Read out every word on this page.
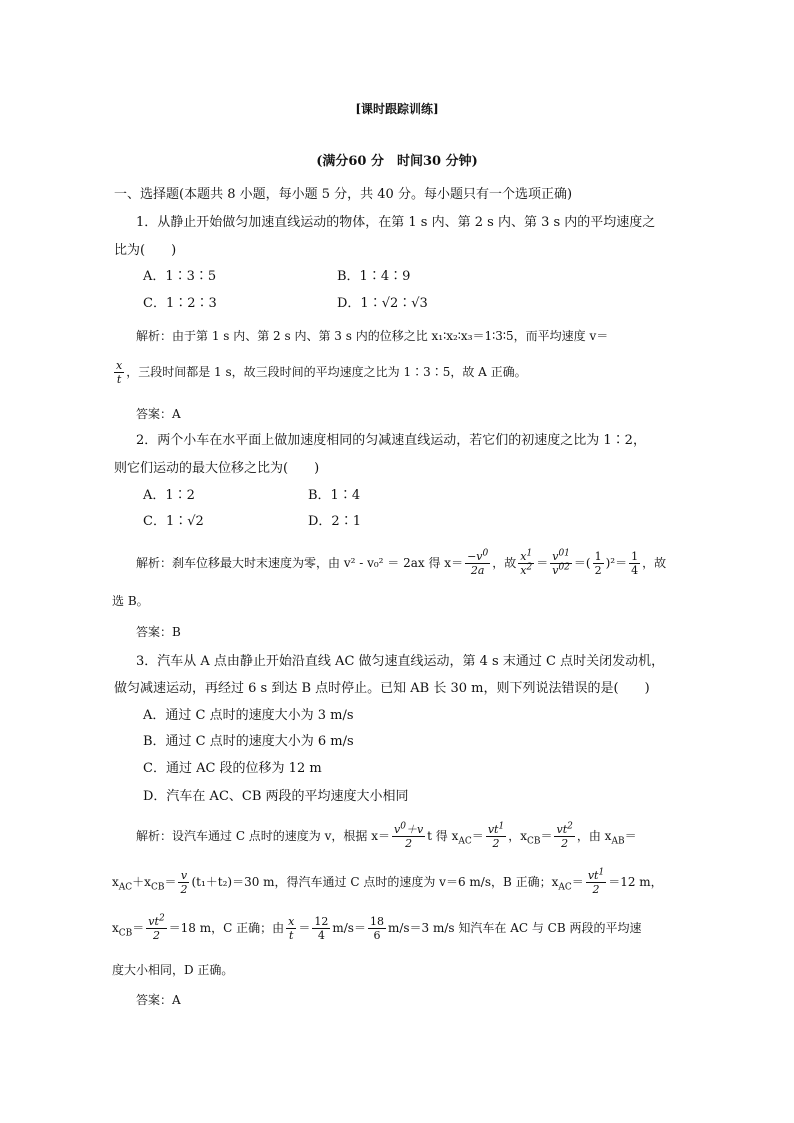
[课时跟踪训练]
(满分60 分　时间30 分钟)
一、选择题(本题共 8 小题，每小题 5 分，共 40 分。每小题只有一个选项正确)
1．从静止开始做匀加速直线运动的物体，在第 1 s 内、第 2 s 内、第 3 s 内的平均速度之
比为(　　)
A．1∶3∶5	B．1∶4∶9
C．1∶2∶3	D．1∶√2∶√3
解析：由于第 1 s 内、第 2 s 内、第 3 s 内的位移之比 x₁∶x₂∶x₃＝1∶3∶5，而平均速度 v＝
$\frac{x}{t}$ ，三段时间都是 1 s，故三段时间的平均速度之比为 1∶3∶5，故 A 正确。
答案：A
2．两个小车在水平面上做加速度相同的匀减速直线运动，若它们的初速度之比为 1∶2，
则它们运动的最大位移之比为(　　)
A．1∶2	B．1∶4
C．1∶√2	D．2∶1
解析：刹车位移最大时末速度为零，由 v² - v₀² ＝ 2ax 得 $x= \frac{-v^0}{2a}$ ，故 $\frac{x^1}{x^2} = \frac{v^{01}}{v^{02}}$ ＝( $\frac{1}{2} )^2= \frac{1}{4}$ ，故
选 B。
答案：B
3．汽车从 A 点由静止开始沿直线 AC 做匀速直线运动，第 4 s 末通过 C 点时关闭发动机，
做匀减速运动，再经过 6 s 到达 B 点时停止。已知 AB 长 30 m，则下列说法错误的是(　　)
A．通过 C 点时的速度大小为 3 m/s
B．通过 C 点时的速度大小为 6 m/s
C．通过 AC 段的位移为 12 m
D．汽车在 AC、CB 两段的平均速度大小相同
解析：设汽车通过 C 点时的速度为 v，根据 $x= \frac{v^0+v}{2}$ t 得 $x_{AC}= \frac{vt^1}{2}$ ，$x_{CB}= \frac{vt^2}{2}$ ，由 $x_{AB}=$
$x_{AC}+x_{CB}= \frac{v}{2} (t_1+t_2)=30$ m，得汽车通过 C 点时的速度为 v＝6 m/s，B 正确；$x_{AC}= \frac{vt^1}{2} =12$ m，
$x_{CB}= \frac{vt^2}{2} =18$ m，C 正确；由 $\frac{x}{t} = \frac{12}{4} m/s= \frac{18}{6} m/s=3$ m/s 知汽车在 AC 与 CB 两段的平均速
度大小相同，D 正确。
答案：A
